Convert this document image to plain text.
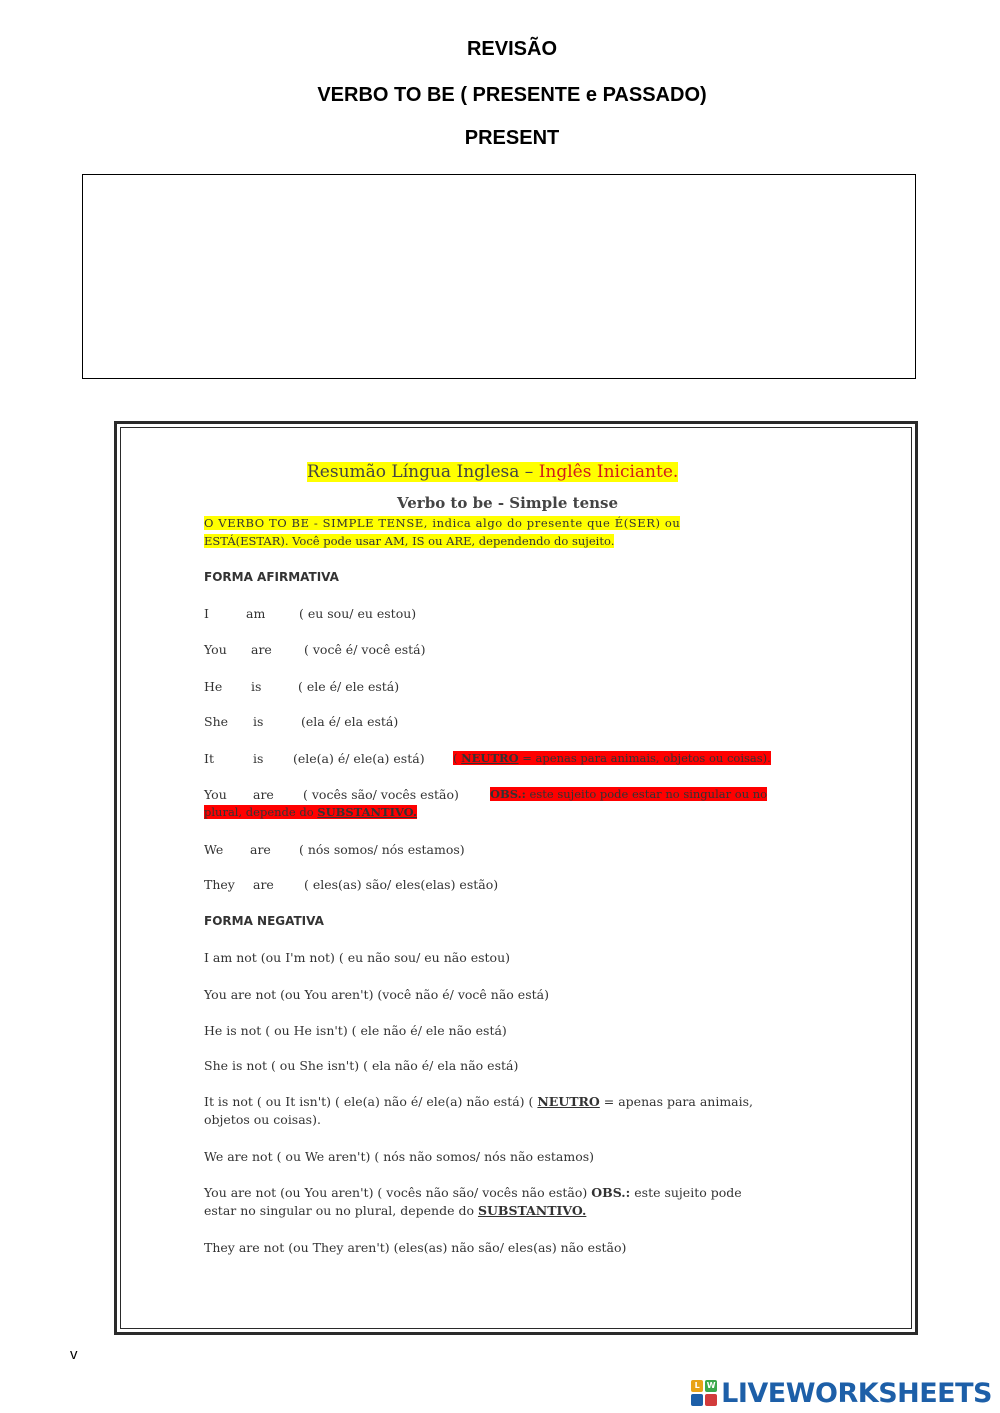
REVISÃO
VERBO TO BE ( PRESENTE e PASSADO)
PRESENT
Resumão Língua Inglesa – Inglês Iniciante.
Verbo to be - Simple tense
O VERBO TO BE - SIMPLE TENSE, indica algo do presente que É(SER) ou
ESTÁ(ESTAR). Você pode usar AM, IS ou ARE, dependendo do sujeito.
FORMA AFIRMATIVA
I	am	( eu sou/ eu estou)
You are	( você é/ você está)
He is	( ele é/ ele está)
She is	(ela é/ ela está)
It	is (ele(a) é/ ele(a) está) ( NEUTRO = apenas para animais, objetos ou coisas).
You are ( vocês são/ vocês estão)	OBS.: este sujeito pode estar no singular ou no
plural, depende do SUBSTANTIVO.
We are ( nós somos/ nós estamos)
They are ( eles(as) são/ eles(elas) estão)
FORMA NEGATIVA
I am not (ou I'm not) ( eu não sou/ eu não estou)
You are not (ou You aren't) (você não é/ você não está)
He is not ( ou He isn't) ( ele não é/ ele não está)
She is not ( ou She isn't) ( ela não é/ ela não está)
It is not ( ou It isn't) ( ele(a) não é/ ele(a) não está) ( NEUTRO = apenas para animais,
objetos ou coisas).
We are not ( ou We aren't) ( nós não somos/ nós não estamos)
You are not (ou You aren't) ( vocês não são/ vocês não estão) OBS.: este sujeito pode
estar no singular ou no plural, depende do SUBSTANTIVO.
They are not (ou They aren't) (eles(as) não são/ eles(as) não estão)
v
L W LIVEWORKSHEETS
